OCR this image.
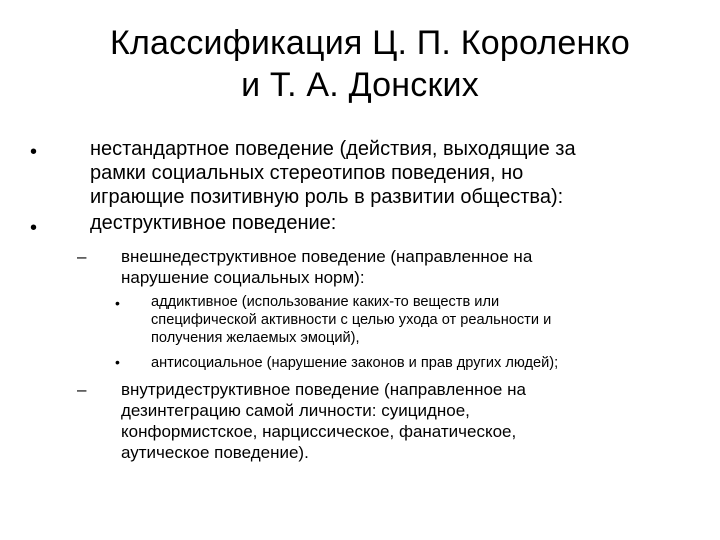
Классификация Ц. П. Короленко
и Т. А. Донских
•	нестандартное поведение (действия, выходящие за
рамки социальных стереотипов поведения, но
играющие позитивную роль в развитии общества):
•	деструктивное поведение:
– внешнедеструктивное поведение (направленное на
нарушение социальных норм):
• аддиктивное (использование каких-то веществ или
специфической активности с целью ухода от реальности и
получения желаемых эмоций),
• антисоциальное (нарушение законов и прав других людей);
– внутридеструктивное поведение (направленное на
дезинтеграцию самой личности: суицидное,
конформистское, нарциссическое, фанатическое,
аутическое поведение).
